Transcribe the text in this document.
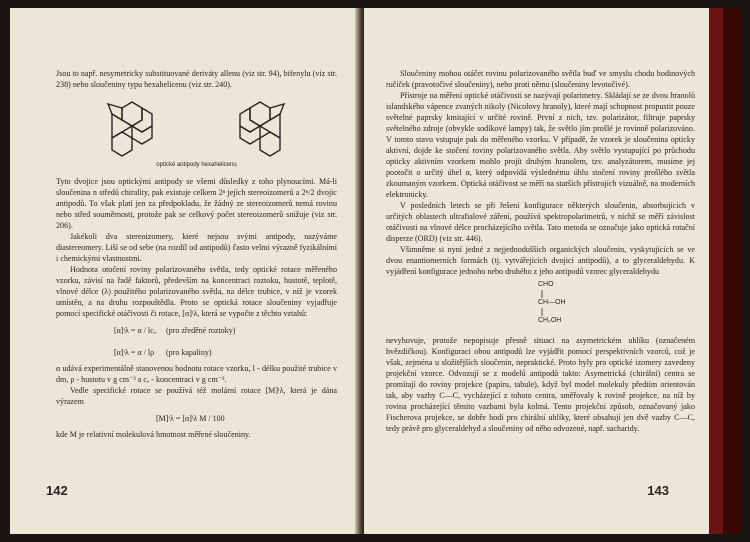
Jsou to např. nesymetricky substituované deriváty allenu (viz str. 94), bifenylu (viz str. 238) nebo sloučeniny typu hexahelicenu (viz str. 240).

optické antipody hexahelicenu

Tyto dvojice jsou optickými antipody se všemi důsledky z toho plynoucími. Má-li sloučenina n středů chirality, pak existuje celkem 2ⁿ jejích stereoizomerů a 2ⁿ/2 dvojic antipodů. To však platí jen za předpokladu, že žádný ze stereoizomerů nemá rovinu nebo střed souměrnosti, protože pak se celkový počet stereoizomerů snižuje (viz str. 206).

Jakékoli dva stereoizomery, které nejsou svými antipody, nazýváme diastereomery. Liší se od sebe (na rozdíl od antipodů) často velmi výrazně fyzikálními i chemickými vlastnostmi.

Hodnota otočení roviny polarizovaného světla, tedy optické rotace měřeného vzorku, závisí na řadě faktorů, především na koncentraci roztoku, hustotě, teplotě, vlnové délce (λ) použitého polarizovaného světla, na délce trubice, v níž je vzorek umístěn, a na druhu rozpouštědla. Proto se optická rotace sloučeniny vyjadřuje pomocí specifické otáčivosti či rotace, [α]ᵗλ, která se vypočte z těchto vztahů:

[α]ᵗλ = α / lcₐ	(pro zředěné roztoky)
[α]ᵗλ = α / lρ	(pro kapaliny)

α udává experimentálně stanovenou hodnotu rotace vzorku, l - délku použité trubice v dm, ρ - hustotu v g cm⁻³ a cₐ - koncentraci v g cm⁻³.

Vedle specifické rotace se používá též molární rotace [M]ᵗλ, která je dána výrazem

[M]ᵗλ = [α]ᵗλ M / 100

kde M je relativní molekulová hmotnost měřené sloučeniny.

142

Sloučeniny mohou otáčet rovinu polarizovaného světla buď ve smyslu chodu hodinových ručiček (pravotočivé sloučeniny), nebo proti němu (sloučeniny levotočivé).

Přístroje na měření optické otáčivosti se nazývají polarimetry. Skládají se ze dvou hranolů islandského vápence zvaných nikoly (Nicolovy hranoly), které mají schopnost propustit pouze světelné paprsky kmitající v určité rovině. První z nich, tzv. polarizátor, filtruje paprsky světelného zdroje (obvykle sodíkové lampy) tak, že světlo jím prošlé je rovinně polarizováno. V tomto stavu vstupuje pak do měřeného vzorku. V případě, že vzorek je sloučenina opticky aktivní, dojde ke stočení roviny polarizovaného světla. Aby světlo vystupující po průchodu opticky aktivním vzorkem mohlo projít druhým hranolem, tzv. analyzátorem, musíme jej pootočit o určitý úhel α, který odpovídá výslednému úhlu stočení roviny prošlého světla zkoumaným vzorkem. Optická otáčivost se měří na starších přístrojích vizuálně, na moderních elektronicky.

V posledních letech se při řešení konfigurace některých sloučenin, absorbujících v určitých oblastech ultrafialové záření, používá spektropolarimetrů, v nichž se měří závislost otáčivosti na vlnové délce procházejícího světla. Tato metoda se označuje jako optická rotační disperze (ORD) (viz str. 446).

Všimněme si nyní jedné z nejjednodušších organických sloučenin, vyskytujících se ve dvou enantiomerních formách (tj. vytvářejících dvojicí antipodů), a to glyceraldehydu. K vyjádření konfigurace jednoho nebo druhého z jeho antipodů vzorec glyceraldehydu

CHO
CH—OH
CH₂OH

nevyhovuje, protože nepopisuje přesně situaci na asymetrickém uhlíku (označeném hvězdičkou). Konfiguraci obou antipodů lze vyjádřit pomocí perspektivních vzorců, což je však, zejména u složitějších sloučenin, nepraktické. Proto byly pro optické izomery zavedeny projekční vzorce. Odvozují se z modelů antipodů takto: Asymetrická (chirální) centra se promítají do roviny projekce (papíru, tabule), když byl model molekuly předtím orientován tak, aby vazby C—C, vycházející z tohoto centra, směřovaly k rovině projekce, na níž by rovina procházející těmito vazbami byla kolmá. Tento projekční způsob, označovaný jako Fischerova projekce, se dobře hodí pro chirální uhlíky, které obsahují jen dvě vazby C—C, tedy právě pro glyceraldehyd a sloučeniny od něho odvozené, např. sacharidy.

143
